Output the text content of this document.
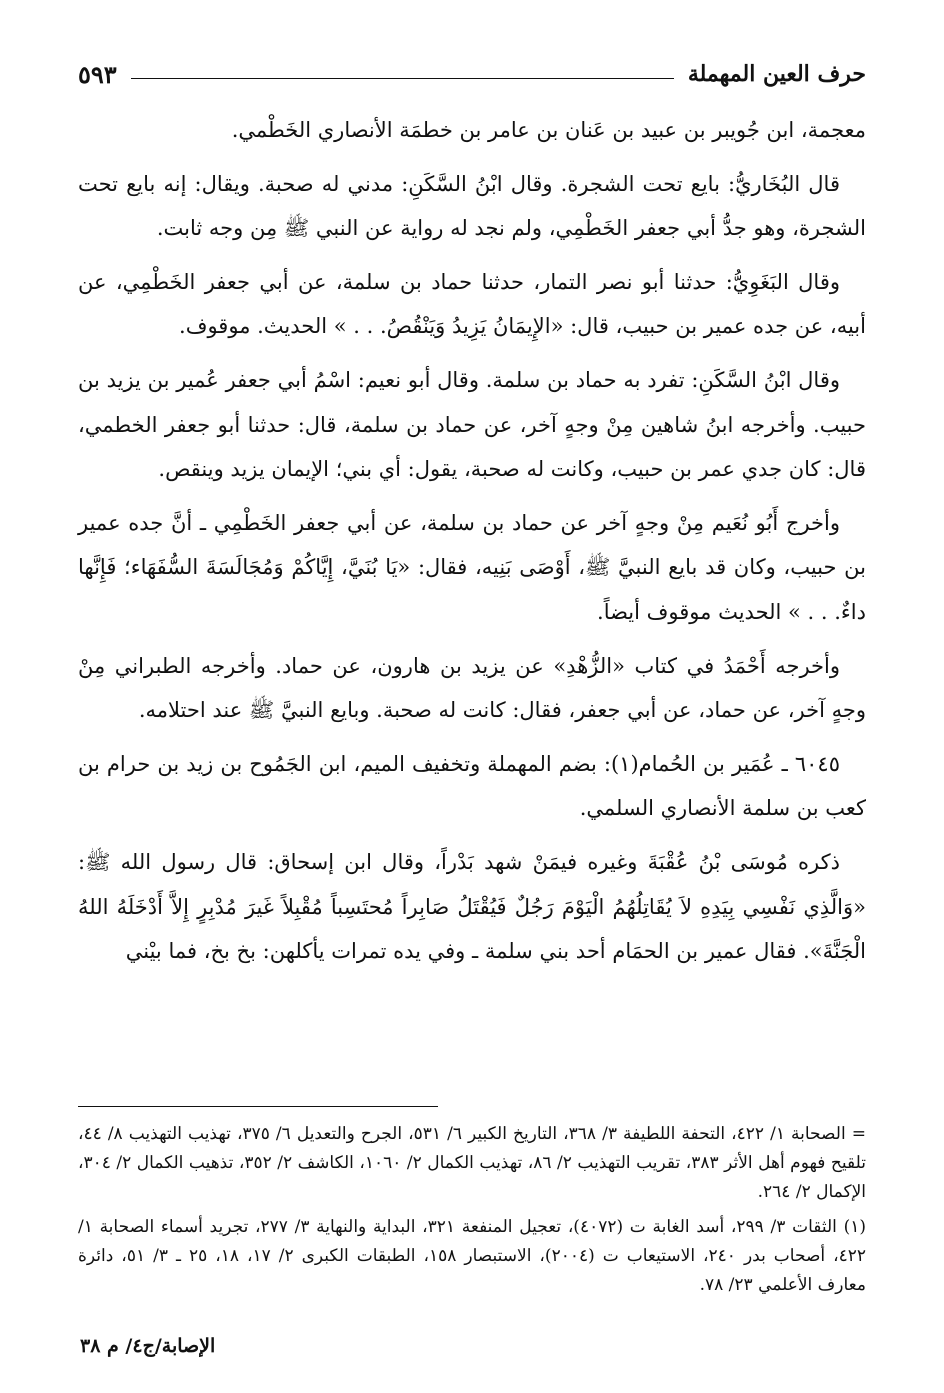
حرف العين المهملة
٥٩٣

معجمة، ابن جُويبر بن عبيد بن عَنان بن عامر بن خطمَة الأنصاري الخَطْمي.

قال البُخَاريُّ: بايع تحت الشجرة. وقال ابْنُ السَّكَنِ: مدني له صحبة. ويقال: إنه بايع تحت الشجرة، وهو جدُّ أبي جعفر الخَطْمِي، ولم نجد له رواية عن النبي ﷺ مِن وجه ثابت.

وقال البَغَوِيُّ: حدثنا أبو نصر التمار، حدثنا حماد بن سلمة، عن أبي جعفر الخَطْمِي، عن أبيه، عن جده عمير بن حبيب، قال: «الإِيمَانُ يَزِيدُ وَيَنْقُصُ. . . » الحديث. موقوف.

وقال ابْنُ السَّكَنِ: تفرد به حماد بن سلمة. وقال أبو نعيم: اسْمُ أبي جعفر عُمير بن يزيد بن حبيب. وأخرجه ابنُ شاهين مِنْ وجهٍ آخر، عن حماد بن سلمة، قال: حدثنا أبو جعفر الخطمي، قال: كان جدي عمر بن حبيب، وكانت له صحبة، يقول: أي بني؛ الإيمان يزيد وينقص.

وأخرج أَبُو نُعَيم مِنْ وجهٍ آخر عن حماد بن سلمة، عن أبي جعفر الخَطْمِي ـ أنَّ جده عمير بن حبيب، وكان قد بايع النبيَّ ﷺ، أَوْصَى بَنِيه، فقال: «يَا بُنَيَّ، إِيَّاكُمْ وَمُجَالَسَةَ السُّفَهَاء؛ فَإِنَّها داءٌ. . . » الحديث موقوف أيضاً.

وأخرجه أَحْمَدُ في كتاب «الزُّهْدِ» عن يزيد بن هارون، عن حماد. وأخرجه الطبراني مِنْ وجهٍ آخر، عن حماد، عن أبي جعفر، فقال: كانت له صحبة. وبايع النبيَّ ﷺ عند احتلامه.

٦٠٤٥ ـ عُمَير بن الحُمام(١): بضم المهملة وتخفيف الميم، ابن الجَمُوح بن زيد بن حرام بن كعب بن سلمة الأنصاري السلمي.

ذكره مُوسَى بْنُ عُقْبَةَ وغيره فيمَنْ شهد بَدْراً، وقال ابن إسحاق: قال رسول الله ﷺ: «وَالَّذِي نَفْسِي بِيَدِهِ لاَ يُقَاتِلُهُمُ الْيَوْمَ رَجُلٌ فَيُقْتَلُ صَابِراً مُحتَسِباً مُقْبِلاً غَيرَ مُدْبِرٍ إِلاَّ أَدْخَلَهُ اللهُ الْجَنَّةَ». فقال عمير بن الحمَام أحد بني سلمة ـ وفي يده تمرات يأكلهن: بخ بخ، فما بيْني

= الصحابة ١/ ٤٢٢، التحفة اللطيفة ٣/ ٣٦٨، التاريخ الكبير ٦/ ٥٣١، الجرح والتعديل ٦/ ٣٧٥، تهذيب التهذيب ٨/ ٤٤، تلقيح فهوم أهل الأثر ٣٨٣، تقريب التهذيب ٢/ ٨٦، تهذيب الكمال ٢/ ١٠٦٠، الكاشف ٢/ ٣٥٢، تذهيب الكمال ٢/ ٣٠٤، الإكمال ٢/ ٢٦٤.

(١) الثقات ٣/ ٢٩٩، أسد الغابة ت (٤٠٧٢)، تعجيل المنفعة ٣٢١، البداية والنهاية ٣/ ٢٧٧، تجريد أسماء الصحابة ١/ ٤٢٢، أصحاب بدر ٢٤٠، الاستيعاب ت (٢٠٠٤)، الاستبصار ١٥٨، الطبقات الكبرى ٢/ ١٧، ١٨، ٢٥ ـ ٣/ ٥١، دائرة معارف الأعلمي ٢٣/ ٧٨.

الإصابة/ج٤/ م ٣٨
